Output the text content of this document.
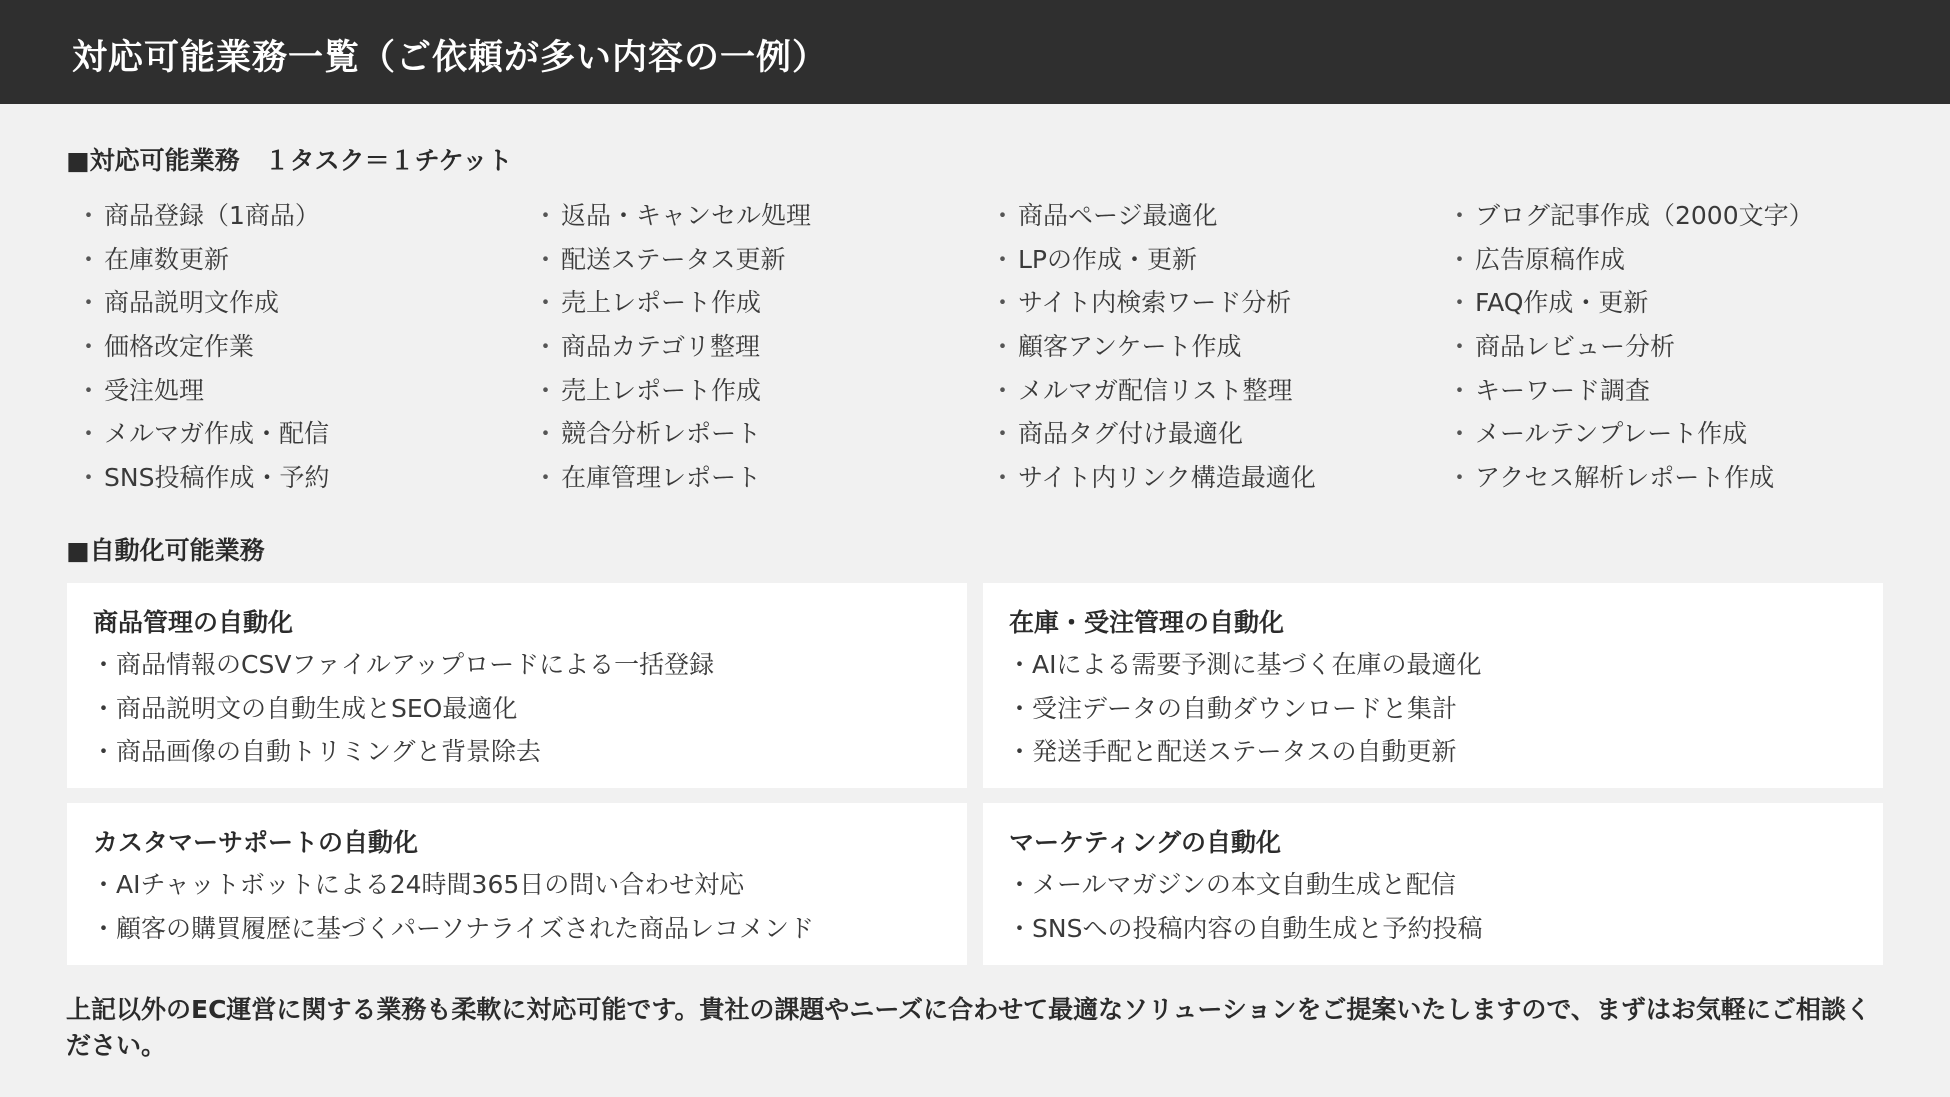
対応可能業務一覧（ご依頼が多い内容の一例）
■対応可能業務　１タスク＝１チケット
・ 商品登録（1商品）
・ 在庫数更新
・ 商品説明文作成
・ 価格改定作業
・ 受注処理
・ メルマガ作成・配信
・ SNS投稿作成・予約
・ 返品・キャンセル処理
・ 配送ステータス更新
・ 売上レポート作成
・ 商品カテゴリ整理
・ 売上レポート作成
・ 競合分析レポート
・ 在庫管理レポート
・ 商品ページ最適化
・ LPの作成・更新
・ サイト内検索ワード分析
・ 顧客アンケート作成
・ メルマガ配信リスト整理
・ 商品タグ付け最適化
・ サイト内リンク構造最適化
・ ブログ記事作成（2000文字）
・ 広告原稿作成
・ FAQ作成・更新
・ 商品レビュー分析
・ キーワード調査
・ メールテンプレート作成
・ アクセス解析レポート作成
■自動化可能業務
商品管理の自動化
・商品情報のCSVファイルアップロードによる一括登録
・商品説明文の自動生成とSEO最適化
・商品画像の自動トリミングと背景除去
在庫・受注管理の自動化
・AIによる需要予測に基づく在庫の最適化
・受注データの自動ダウンロードと集計
・発送手配と配送ステータスの自動更新
カスタマーサポートの自動化
・AIチャットボットによる24時間365日の問い合わせ対応
・顧客の購買履歴に基づくパーソナライズされた商品レコメンド
マーケティングの自動化
・メールマガジンの本文自動生成と配信
・SNSへの投稿内容の自動生成と予約投稿
上記以外のEC運営に関する業務も柔軟に対応可能です。貴社の課題やニーズに合わせて最適なソリューションをご提案いたしますので、まずはお気軽にご相談ください。
